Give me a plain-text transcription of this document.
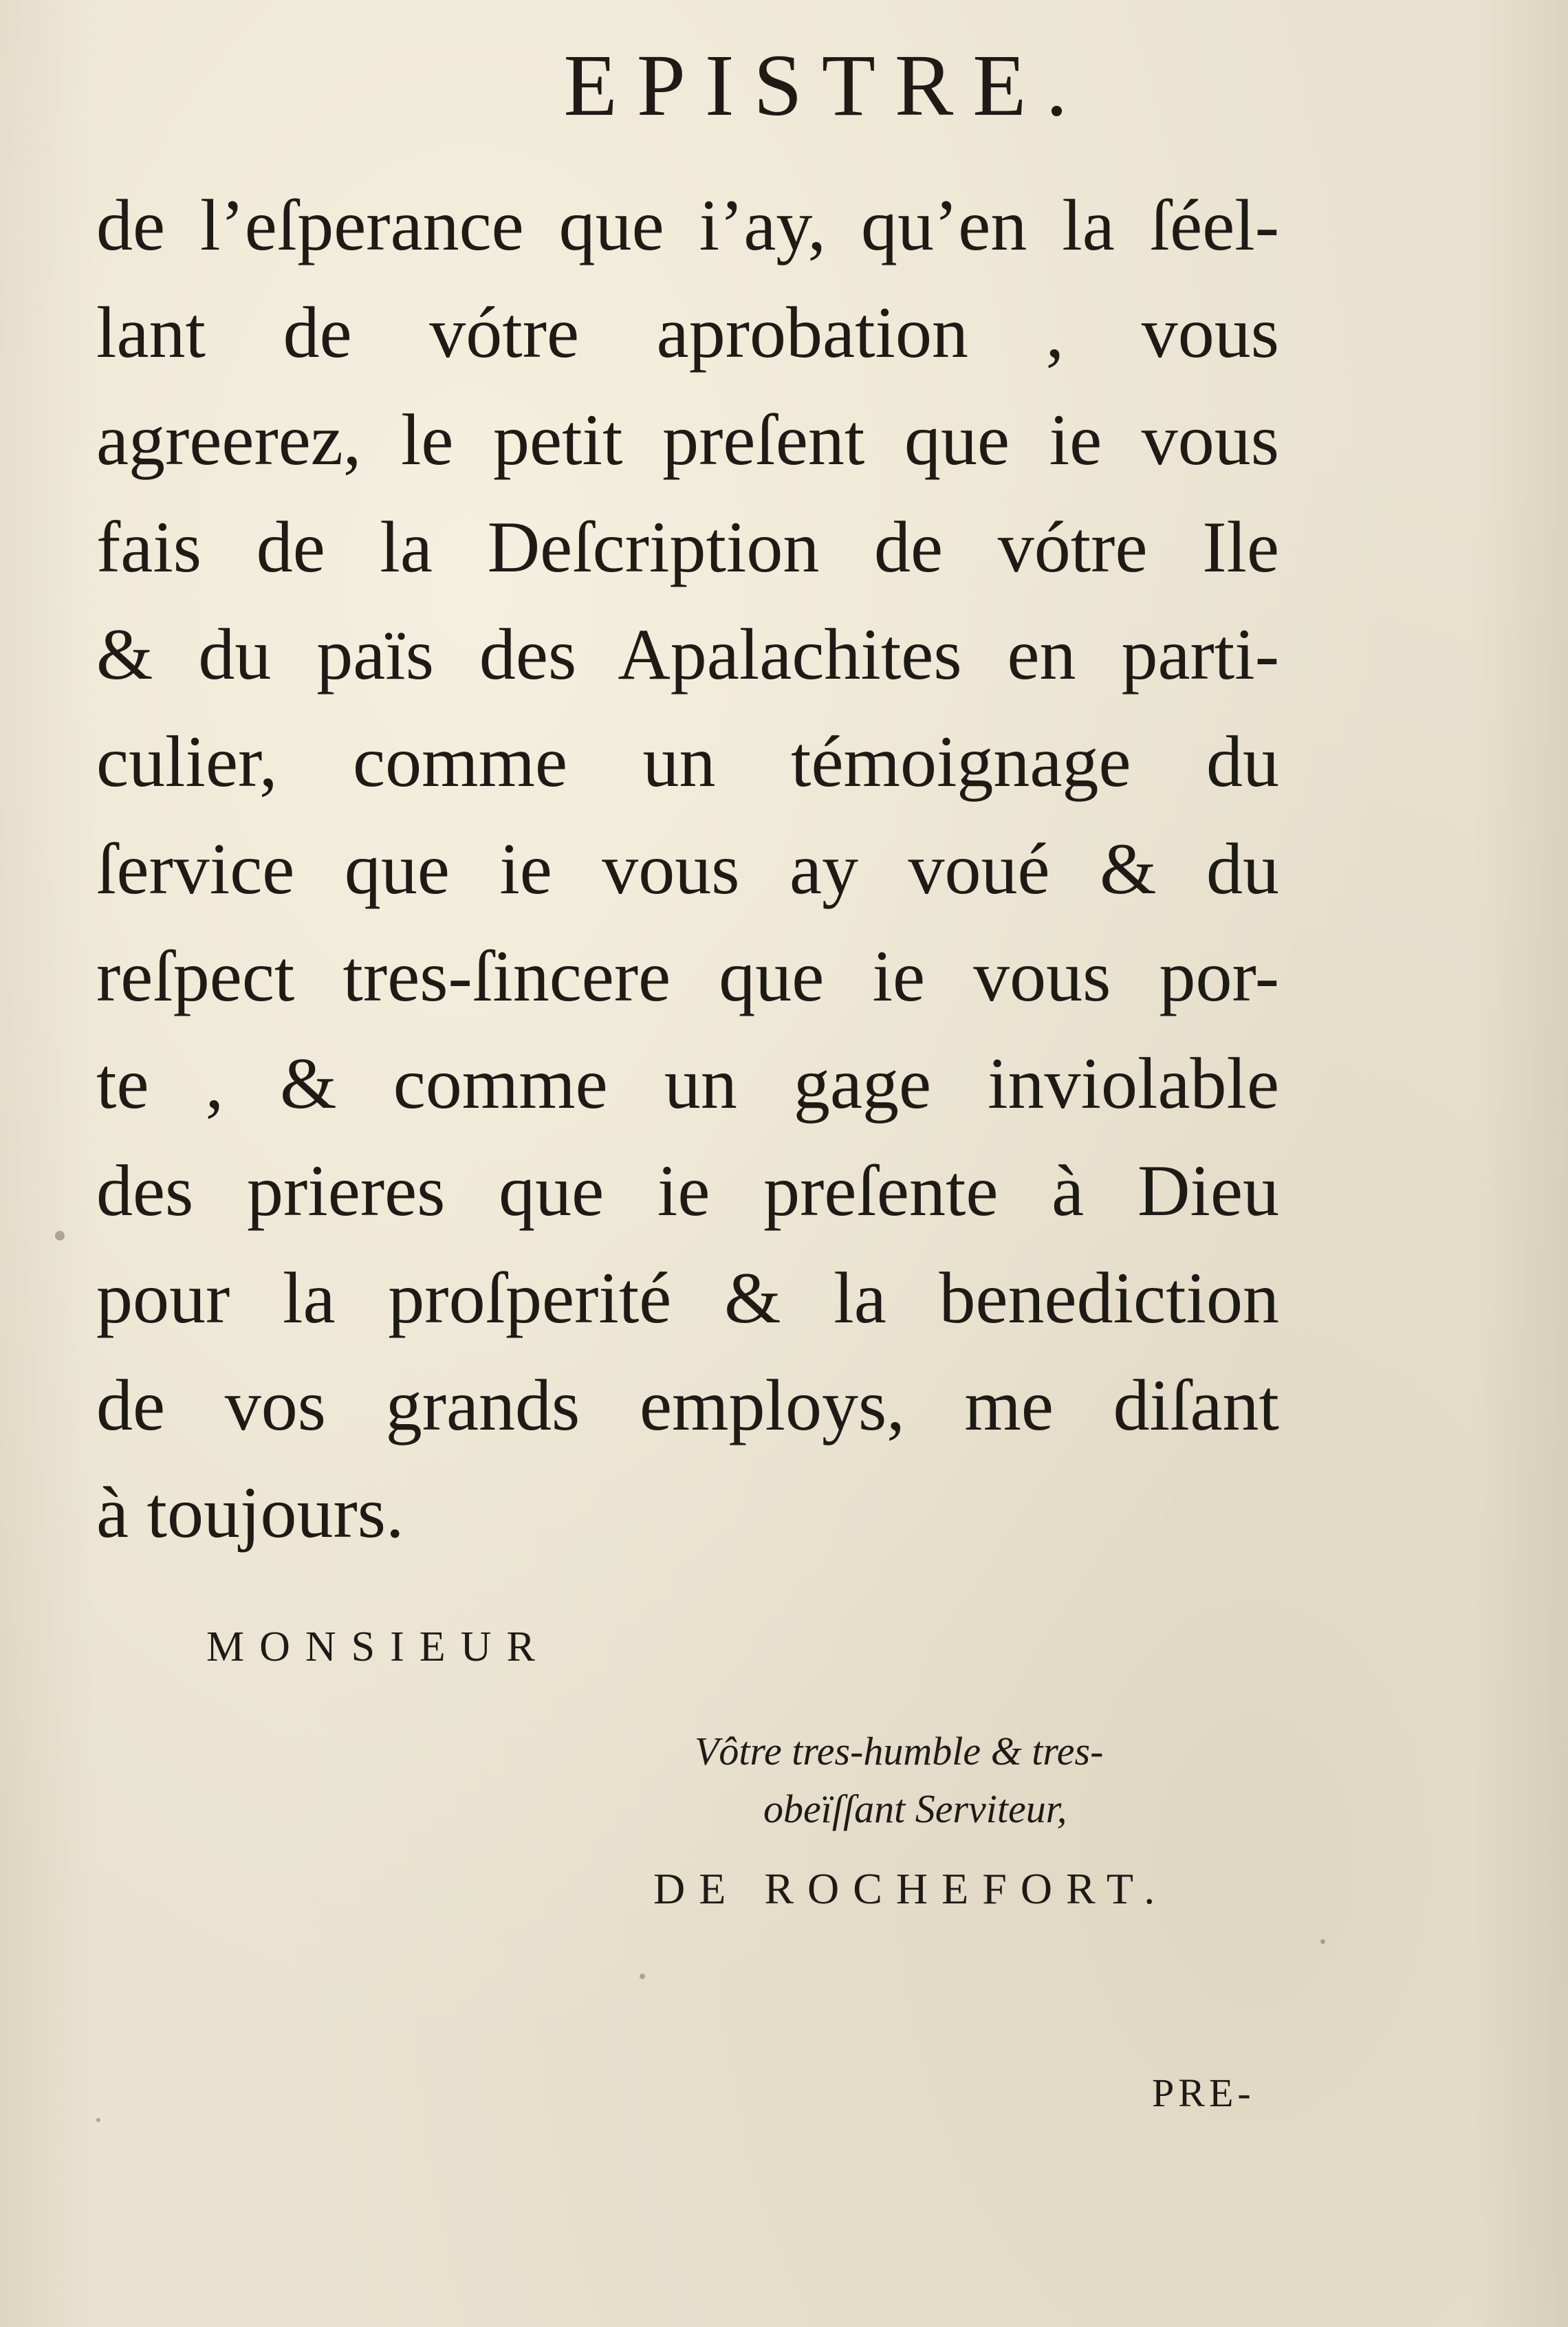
EPISTRE.
de l’eſperance que i’ay, qu’en la ſéel-
lant de vótre aprobation , vous
agreerez, le petit preſent que ie vous
fais de la Deſcription de vótre Ile
& du païs des Apalachites en parti-
culier, comme un témoignage du
ſervice que ie vous ay voué & du
reſpect tres-ſincere que ie vous por-
te , & comme un gage inviolable
des prieres que ie preſente à Dieu
pour la proſperité & la benediction
de vos grands employs, me diſant
à toujours.
MONSIEUR
Vôtre tres-humble & tres-
obeïſſant Serviteur,
DE ROCHEFORT.
PRE-
